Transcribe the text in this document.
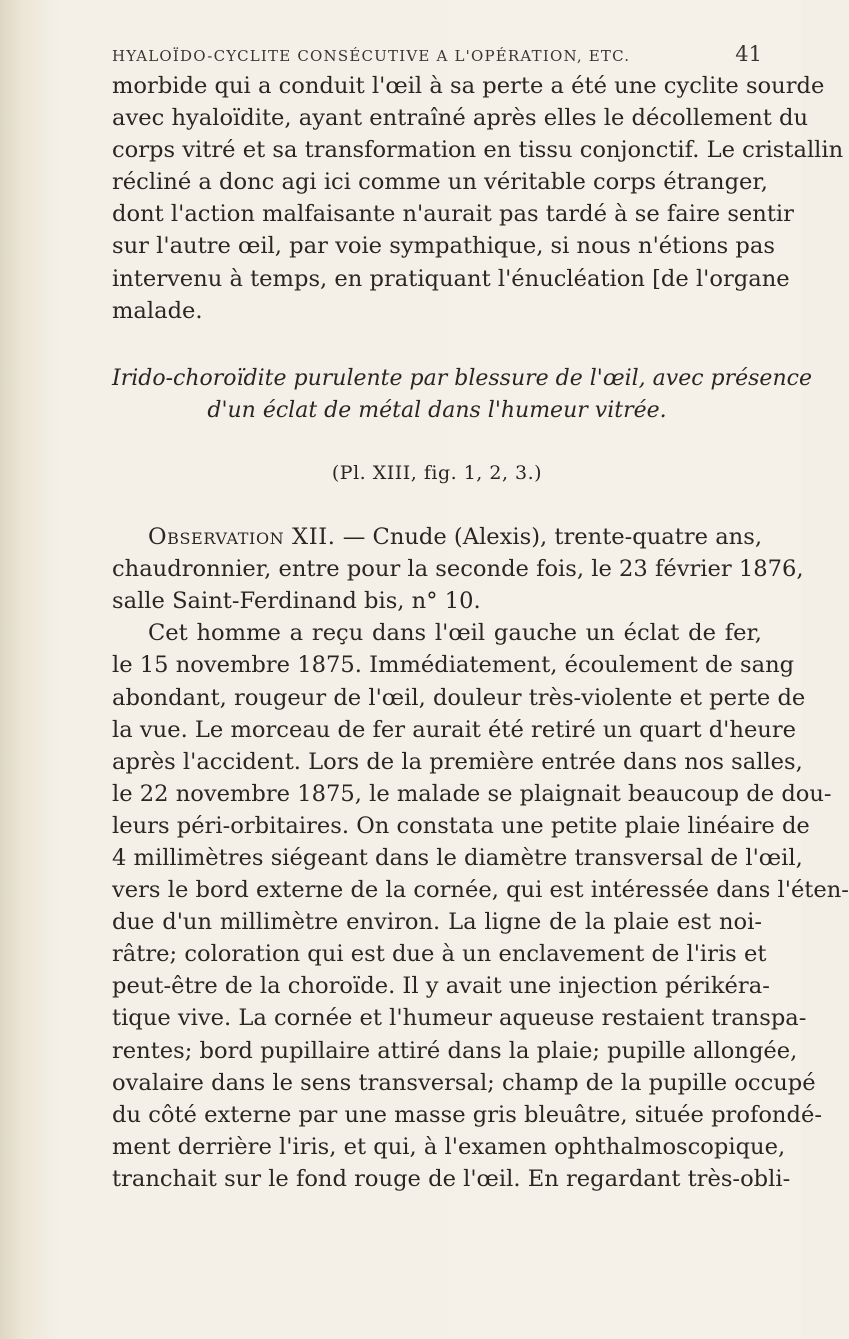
HYALOÏDO-CYCLITE CONSÉCUTIVE A L'OPÉRATION, ETC.	41
morbide qui a conduit l'œil à sa perte a été une cyclite sourde
avec hyaloïdite, ayant entraîné après elles le décollement du
corps vitré et sa transformation en tissu conjonctif. Le cristallin
récliné a donc agi ici comme un véritable corps étranger,
dont l'action malfaisante n'aurait pas tardé à se faire sentir
sur l'autre œil, par voie sympathique, si nous n'étions pas
intervenu à temps, en pratiquant l'énucléation [de l'organe
malade.
Irido-choroïdite purulente par blessure de l'œil, avec présence
d'un éclat de métal dans l'humeur vitrée.
(Pl. XIII, fig. 1, 2, 3.)
Observation XII. — Cnude (Alexis), trente-quatre ans,
chaudronnier, entre pour la seconde fois, le 23 février 1876,
salle Saint-Ferdinand bis, n° 10.
Cet homme a reçu dans l'œil gauche un éclat de fer,
le 15 novembre 1875. Immédiatement, écoulement de sang
abondant, rougeur de l'œil, douleur très-violente et perte de
la vue. Le morceau de fer aurait été retiré un quart d'heure
après l'accident. Lors de la première entrée dans nos salles,
le 22 novembre 1875, le malade se plaignait beaucoup de dou-
leurs péri-orbitaires. On constata une petite plaie linéaire de
4 millimètres siégeant dans le diamètre transversal de l'œil,
vers le bord externe de la cornée, qui est intéressée dans l'éten-
due d'un millimètre environ. La ligne de la plaie est noi-
râtre; coloration qui est due à un enclavement de l'iris et
peut-être de la choroïde. Il y avait une injection périkéra-
tique vive. La cornée et l'humeur aqueuse restaient transpa-
rentes; bord pupillaire attiré dans la plaie; pupille allongée,
ovalaire dans le sens transversal; champ de la pupille occupé
du côté externe par une masse gris bleuâtre, située profondé-
ment derrière l'iris, et qui, à l'examen ophthalmoscopique,
tranchait sur le fond rouge de l'œil. En regardant très-obli-
